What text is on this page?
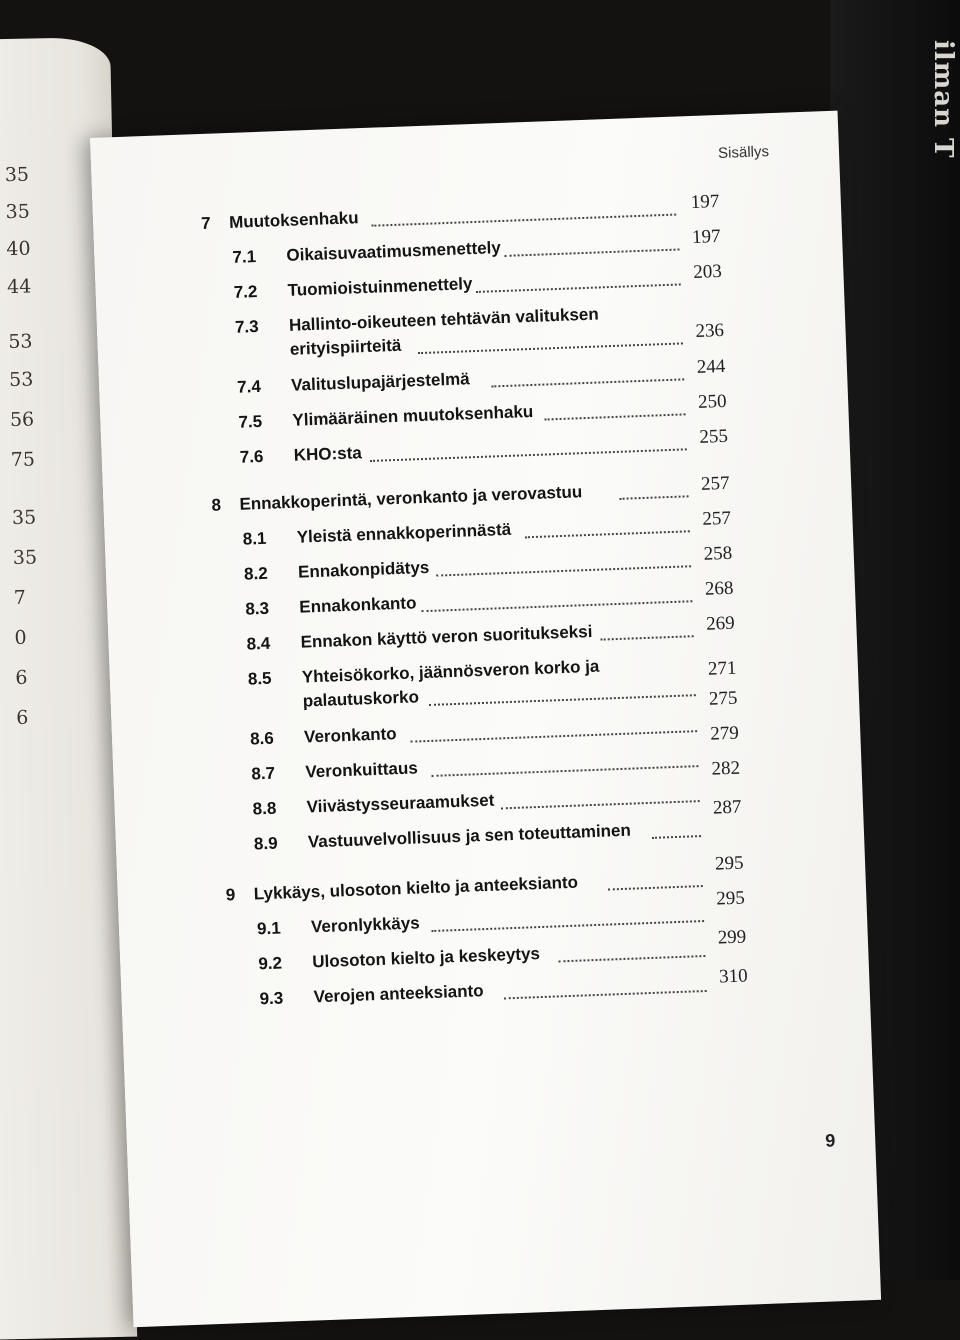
ilman T
35
35
40
44
53
53
56
75
35
35
7
0
6
6
Sisällys
7 Muutoksenhaku
197
7.1 Oikaisuvaatimusmenettely
197
7.2 Tuomioistuinmenettely
203
7.3 Hallinto-oikeuteen tehtävän valituksen
erityispiirteitä
236
7.4 Valituslupajärjestelmä
244
7.5 Ylimääräinen muutoksenhaku
250
7.6 KHO:sta
255
8 Ennakkoperintä, veronkanto ja verovastuu	257
8.1 Yleistä ennakkoperinnästä
257
8.2 Ennakonpidätys
258
8.3 Ennakonkanto
268
8.4 Ennakon käyttö veron suoritukseksi	269
8.5 Yhteisökorko, jäännösveron korko ja
palautuskorko
271
8.6 Veronkanto
275
8.7 Veronkuittaus
279
8.8 Viivästysseuraamukset
282
8.9 Vastuuvelvollisuus ja sen toteuttaminen
287
9 Lykkäys, ulosoton kielto ja anteeksianto
295
9.1 Veronlykkäys
295
9.2 Ulosoton kielto ja keskeytys
299
9.3 Verojen anteeksianto
310
9
